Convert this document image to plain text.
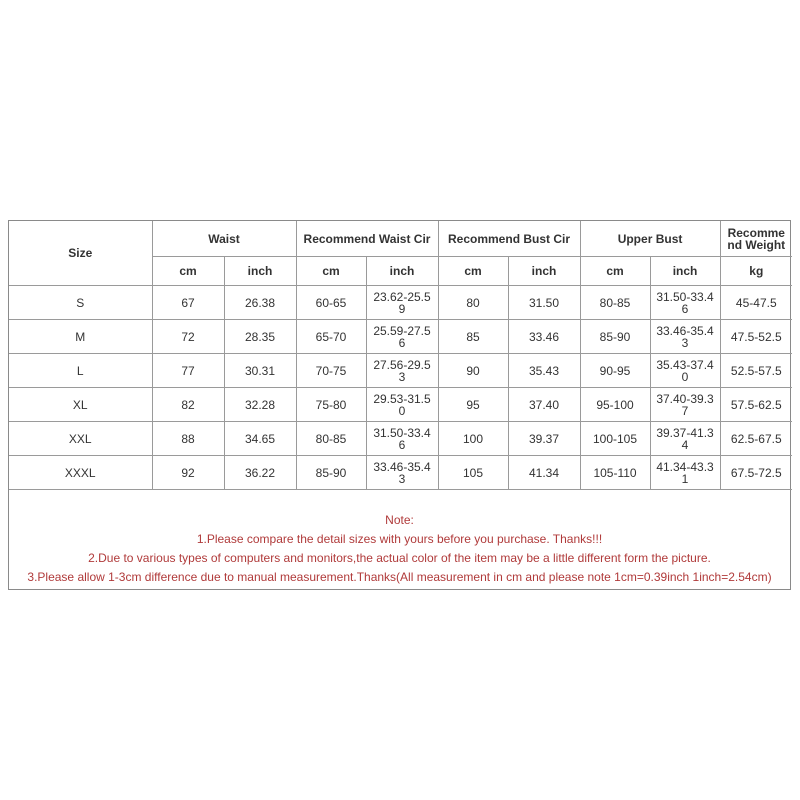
Size	Waist		Recommend Waist Cir		Recommend Bust Cir		Upper Bust		Recommend Weight
	cm	inch	cm	inch	cm	inch	cm	inch	kg
S	67	26.38	60-65	23.62-25.59	80	31.50	80-85	31.50-33.46	45-47.5
M	72	28.35	65-70	25.59-27.56	85	33.46	85-90	33.46-35.43	47.5-52.5
L	77	30.31	70-75	27.56-29.53	90	35.43	90-95	35.43-37.40	52.5-57.5
XL	82	32.28	75-80	29.53-31.50	95	37.40	95-100	37.40-39.37	57.5-62.5
XXL	88	34.65	80-85	31.50-33.46	100	39.37	100-105	39.37-41.34	62.5-67.5
XXXL	92	36.22	85-90	33.46-35.43	105	41.34	105-110	41.34-43.31	67.5-72.5
Note:
1.Please compare the detail sizes with yours before you purchase. Thanks!!!
2.Due to various types of computers and monitors,the actual color of the item may be a little different form the picture.
3.Please allow 1-3cm difference due to manual measurement.Thanks(All measurement in cm and please note 1cm=0.39inch 1inch=2.54cm)
